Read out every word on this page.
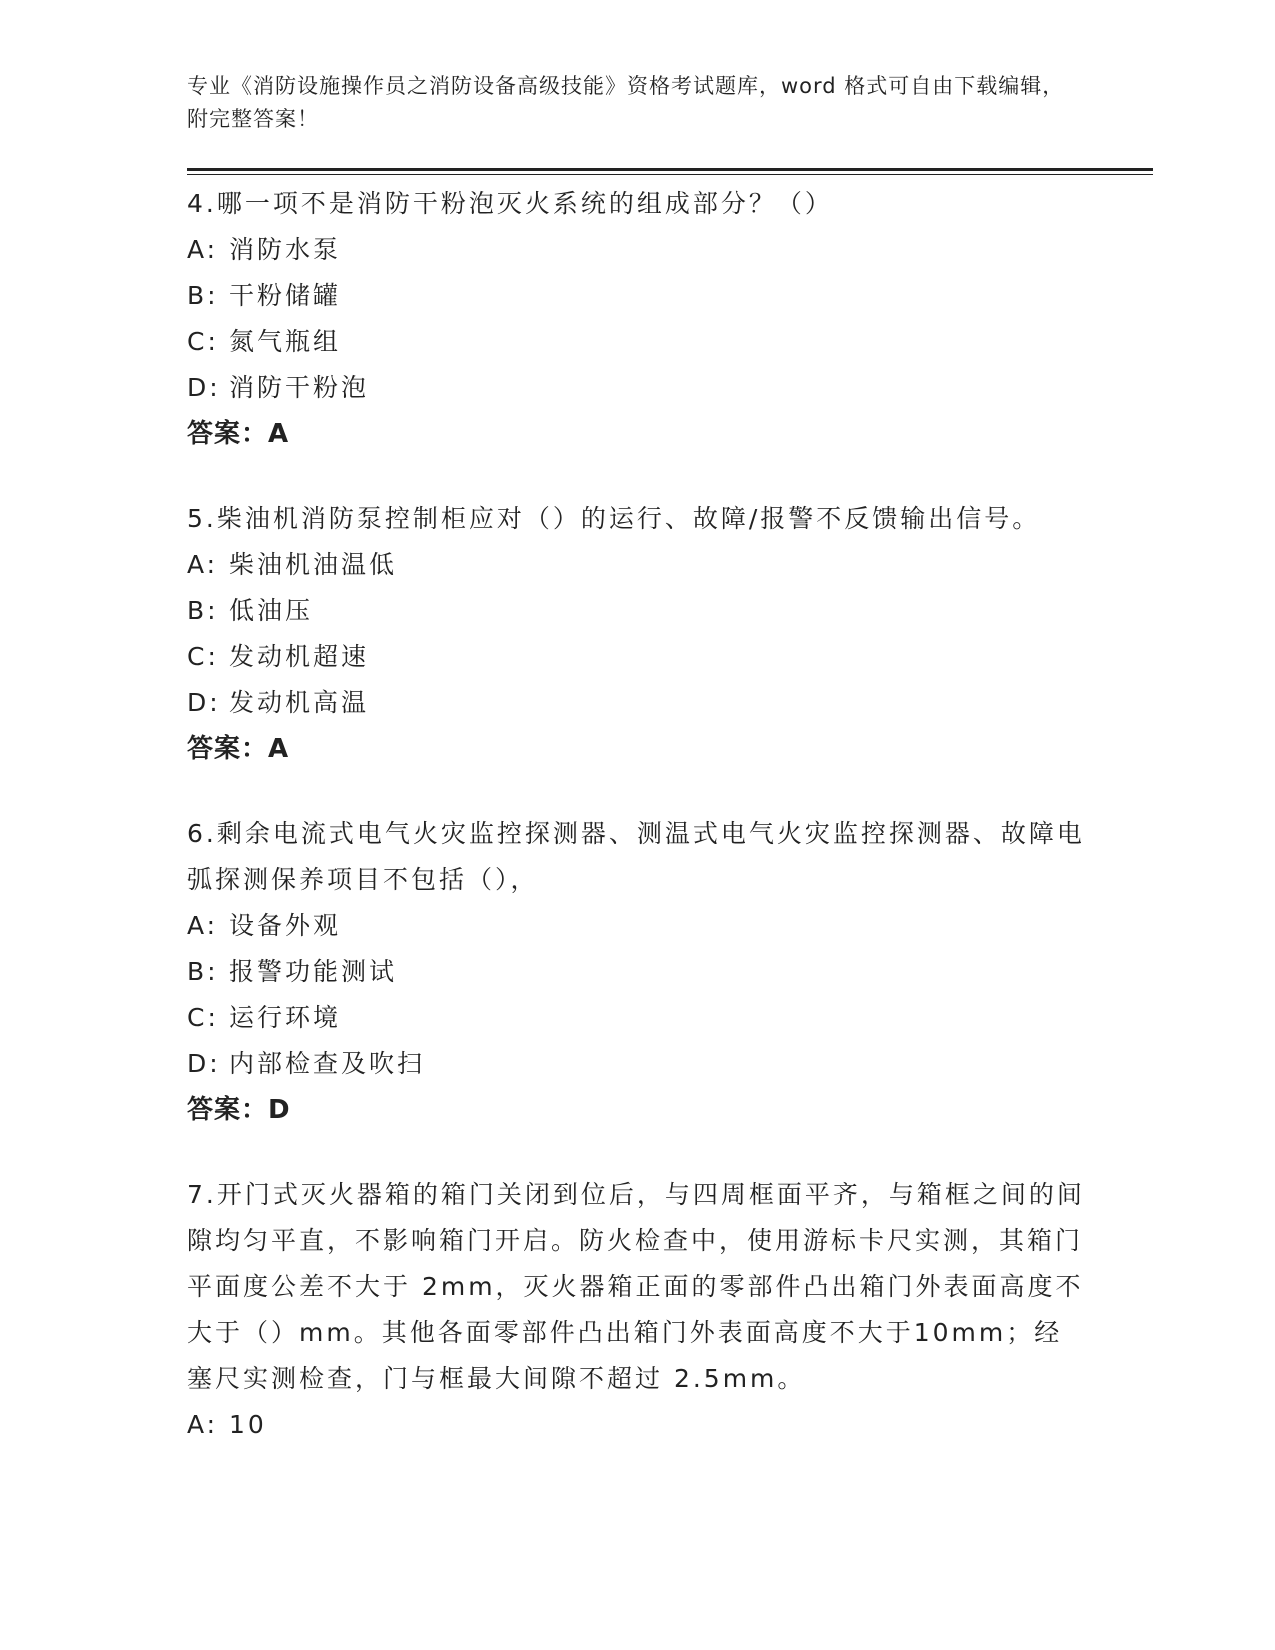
专业《消防设施操作员之消防设备高级技能》资格考试题库，word 格式可自由下载编辑，附完整答案！

4.哪一项不是消防干粉泡灭火系统的组成部分？（）

A: 消防水泵

B: 干粉储罐

C: 氮气瓶组

D: 消防干粉泡

答案：A

5.柴油机消防泵控制柜应对（）的运行、故障/报警不反馈输出信号。

A: 柴油机油温低

B: 低油压

C: 发动机超速

D: 发动机高温

答案：A

6.剩余电流式电气火灾监控探测器、测温式电气火灾监控探测器、故障电弧探测保养项目不包括（），

A: 设备外观

B: 报警功能测试

C: 运行环境

D: 内部检查及吹扫

答案：D

7.开门式灭火器箱的箱门关闭到位后，与四周框面平齐，与箱框之间的间隙均匀平直，不影响箱门开启。防火检查中，使用游标卡尺实测，其箱门平面度公差不大于 2mm，灭火器箱正面的零部件凸出箱门外表面高度不大于（）mm。其他各面零部件凸出箱门外表面高度不大于10mm；经塞尺实测检查，门与框最大间隙不超过 2.5mm。

A: 10
